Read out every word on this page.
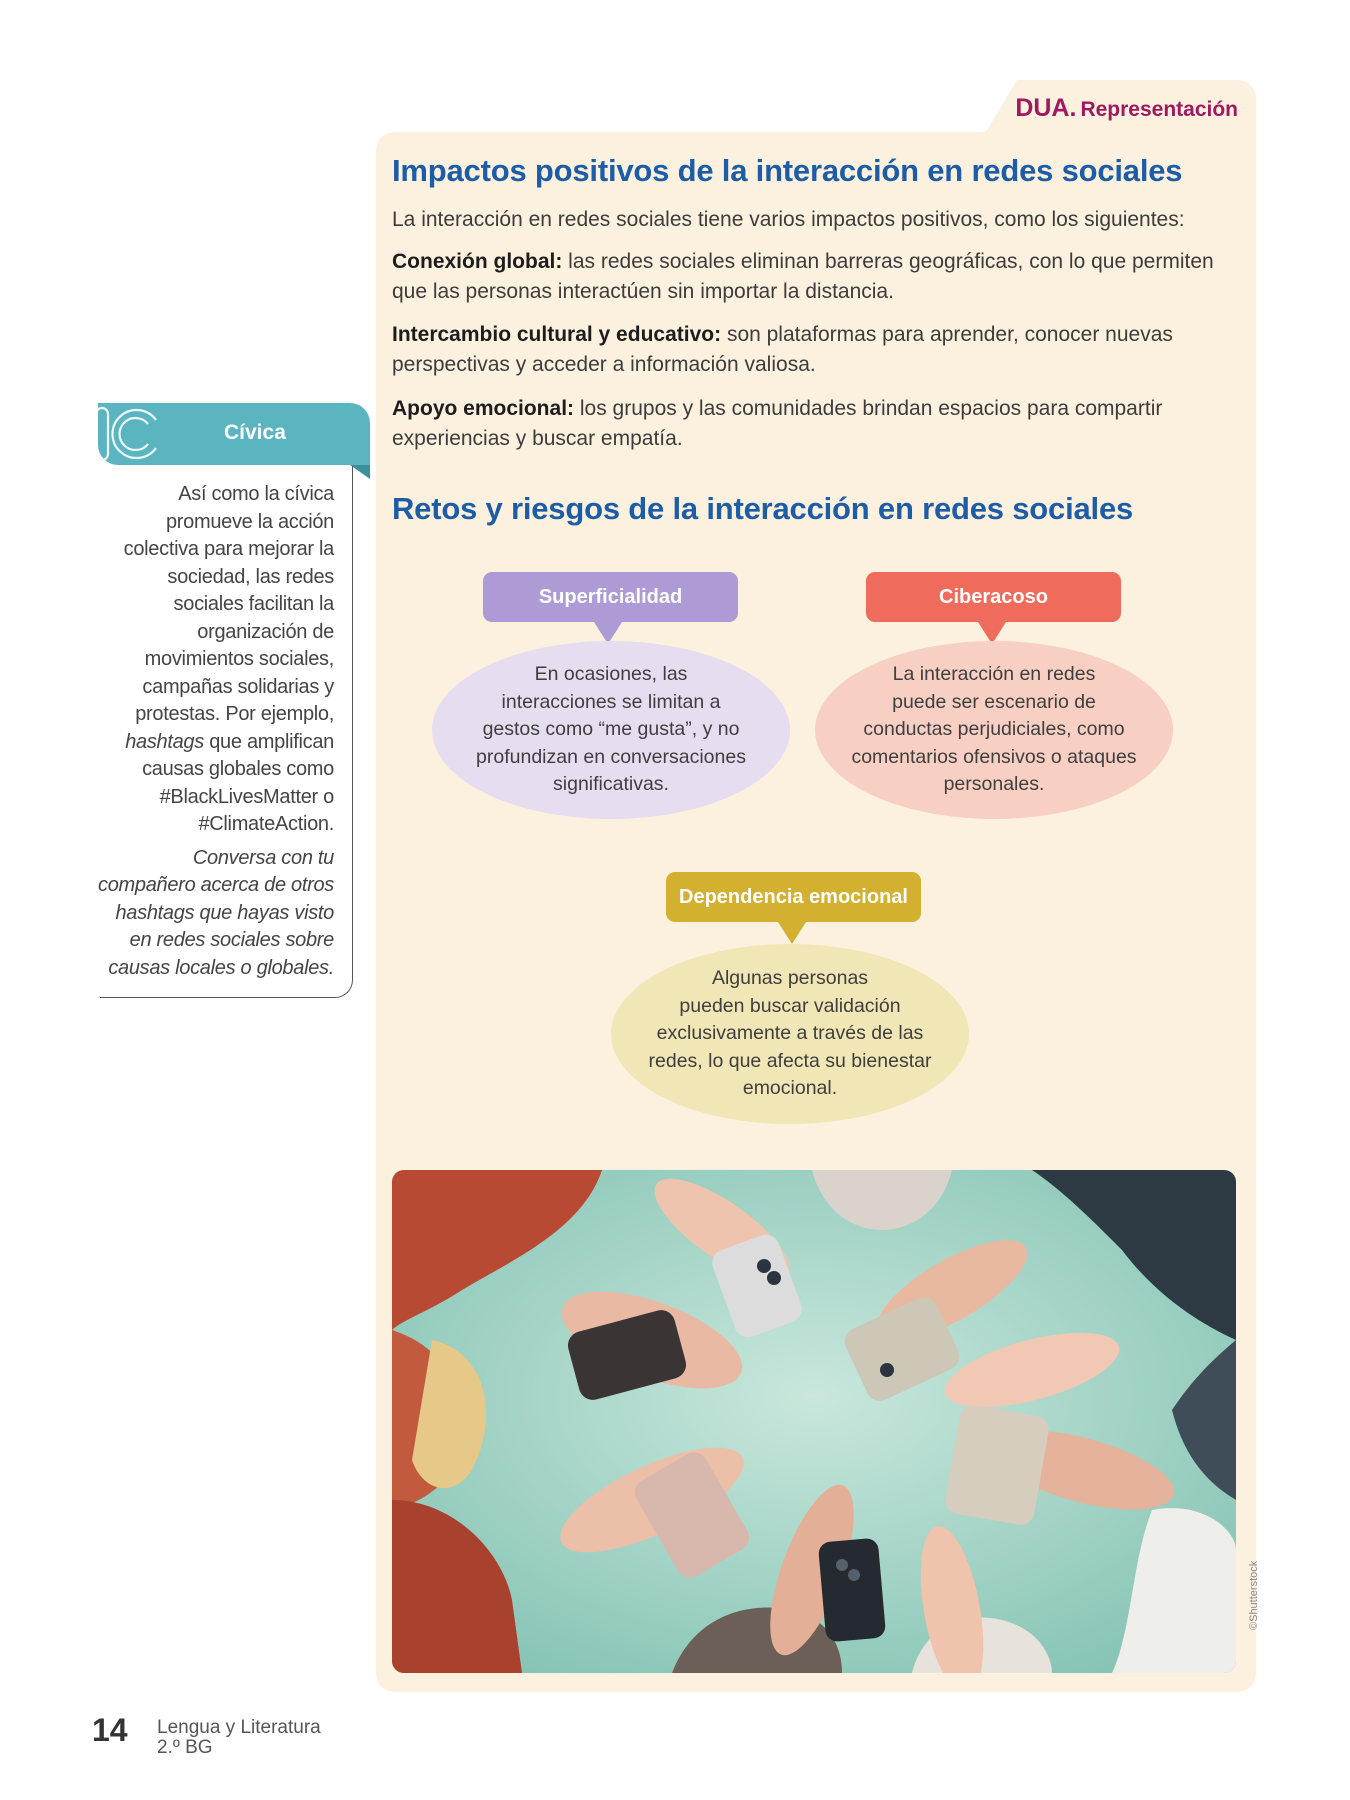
DUA. Representación
Impactos positivos de la interacción en redes sociales

La interacción en redes sociales tiene varios impactos positivos, como los siguientes:

Conexión global: las redes sociales eliminan barreras geográficas, con lo que permiten que las personas interactúen sin importar la distancia.

Intercambio cultural y educativo: son plataformas para aprender, conocer nuevas perspectivas y acceder a información valiosa.

Apoyo emocional: los grupos y las comunidades brindan espacios para compartir experiencias y buscar empatía.

Retos y riesgos de la interacción en redes sociales
Superficialidad
En ocasiones, las
interacciones se limitan a
gestos como “me gusta”, y no
profundizan en conversaciones
significativas.
Ciberacoso
La interacción en redes
puede ser escenario de
conductas perjudiciales, como
comentarios ofensivos o ataques
personales.
Dependencia emocional
Algunas personas
pueden buscar validación
exclusivamente a través de las
redes, lo que afecta su bienestar
emocional.
©Shutterstock
Cívica

Así como la cívica

promueve la acción

colectiva para mejorar la

sociedad, las redes

sociales facilitan la

organización de

movimientos sociales,

campañas solidarias y

protestas. Por ejemplo,

hashtags que amplifican

causas globales como

#BlackLivesMatter o

#ClimateAction.

Conversa con tu

compañero acerca de otros

hashtags que hayas visto

en redes sociales sobre

causas locales o globales.

14 Lengua y Literatura
2.º BG
